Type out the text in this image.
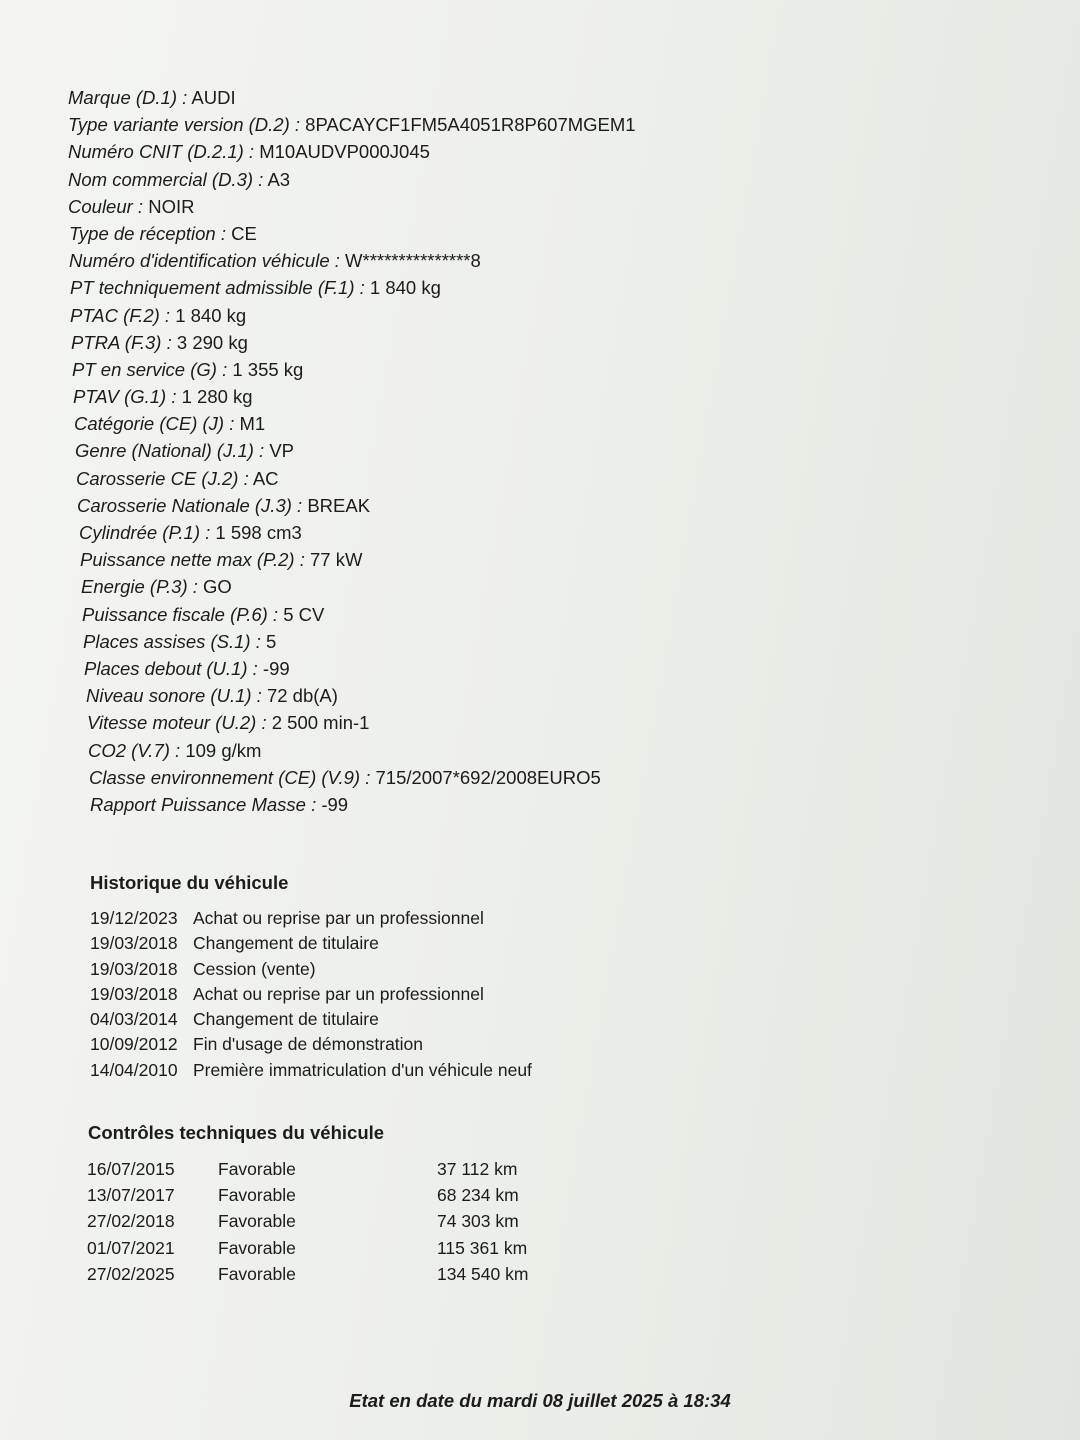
Marque (D.1) : AUDI
Type variante version (D.2) : 8PACAYCF1FM5A4051R8P607MGEM1
Numéro CNIT (D.2.1) : M10AUDVP000J045
Nom commercial (D.3) : A3
Couleur : NOIR
Type de réception : CE
Numéro d'identification véhicule : W***************8
PT techniquement admissible (F.1) : 1 840 kg
PTAC (F.2) : 1 840 kg
PTRA (F.3) : 3 290 kg
PT en service (G) : 1 355 kg
PTAV (G.1) : 1 280 kg
Catégorie (CE) (J) : M1
Genre (National) (J.1) : VP
Carosserie CE (J.2) : AC
Carosserie Nationale (J.3) : BREAK
Cylindrée (P.1) : 1 598 cm3
Puissance nette max (P.2) : 77 kW
Energie (P.3) : GO
Puissance fiscale (P.6) : 5 CV
Places assises (S.1) : 5
Places debout (U.1) : -99
Niveau sonore (U.1) : 72 db(A)
Vitesse moteur (U.2) : 2 500 min-1
CO2 (V.7) : 109 g/km
Classe environnement (CE) (V.9) : 715/2007*692/2008EURO5
Rapport Puissance Masse : -99
Historique du véhicule
19/12/2023 Achat ou reprise par un professionnel
19/03/2018 Changement de titulaire
19/03/2018 Cession (vente)
19/03/2018 Achat ou reprise par un professionnel
04/03/2014 Changement de titulaire
10/09/2012 Fin d'usage de démonstration
14/04/2010 Première immatriculation d'un véhicule neuf
Contrôles techniques du véhicule
16/07/2015 Favorable	37 112 km
13/07/2017 Favorable	68 234 km
27/02/2018 Favorable	74 303 km
01/07/2021 Favorable	115 361 km
27/02/2025 Favorable	134 540 km
Etat en date du mardi 08 juillet 2025 à 18:34
